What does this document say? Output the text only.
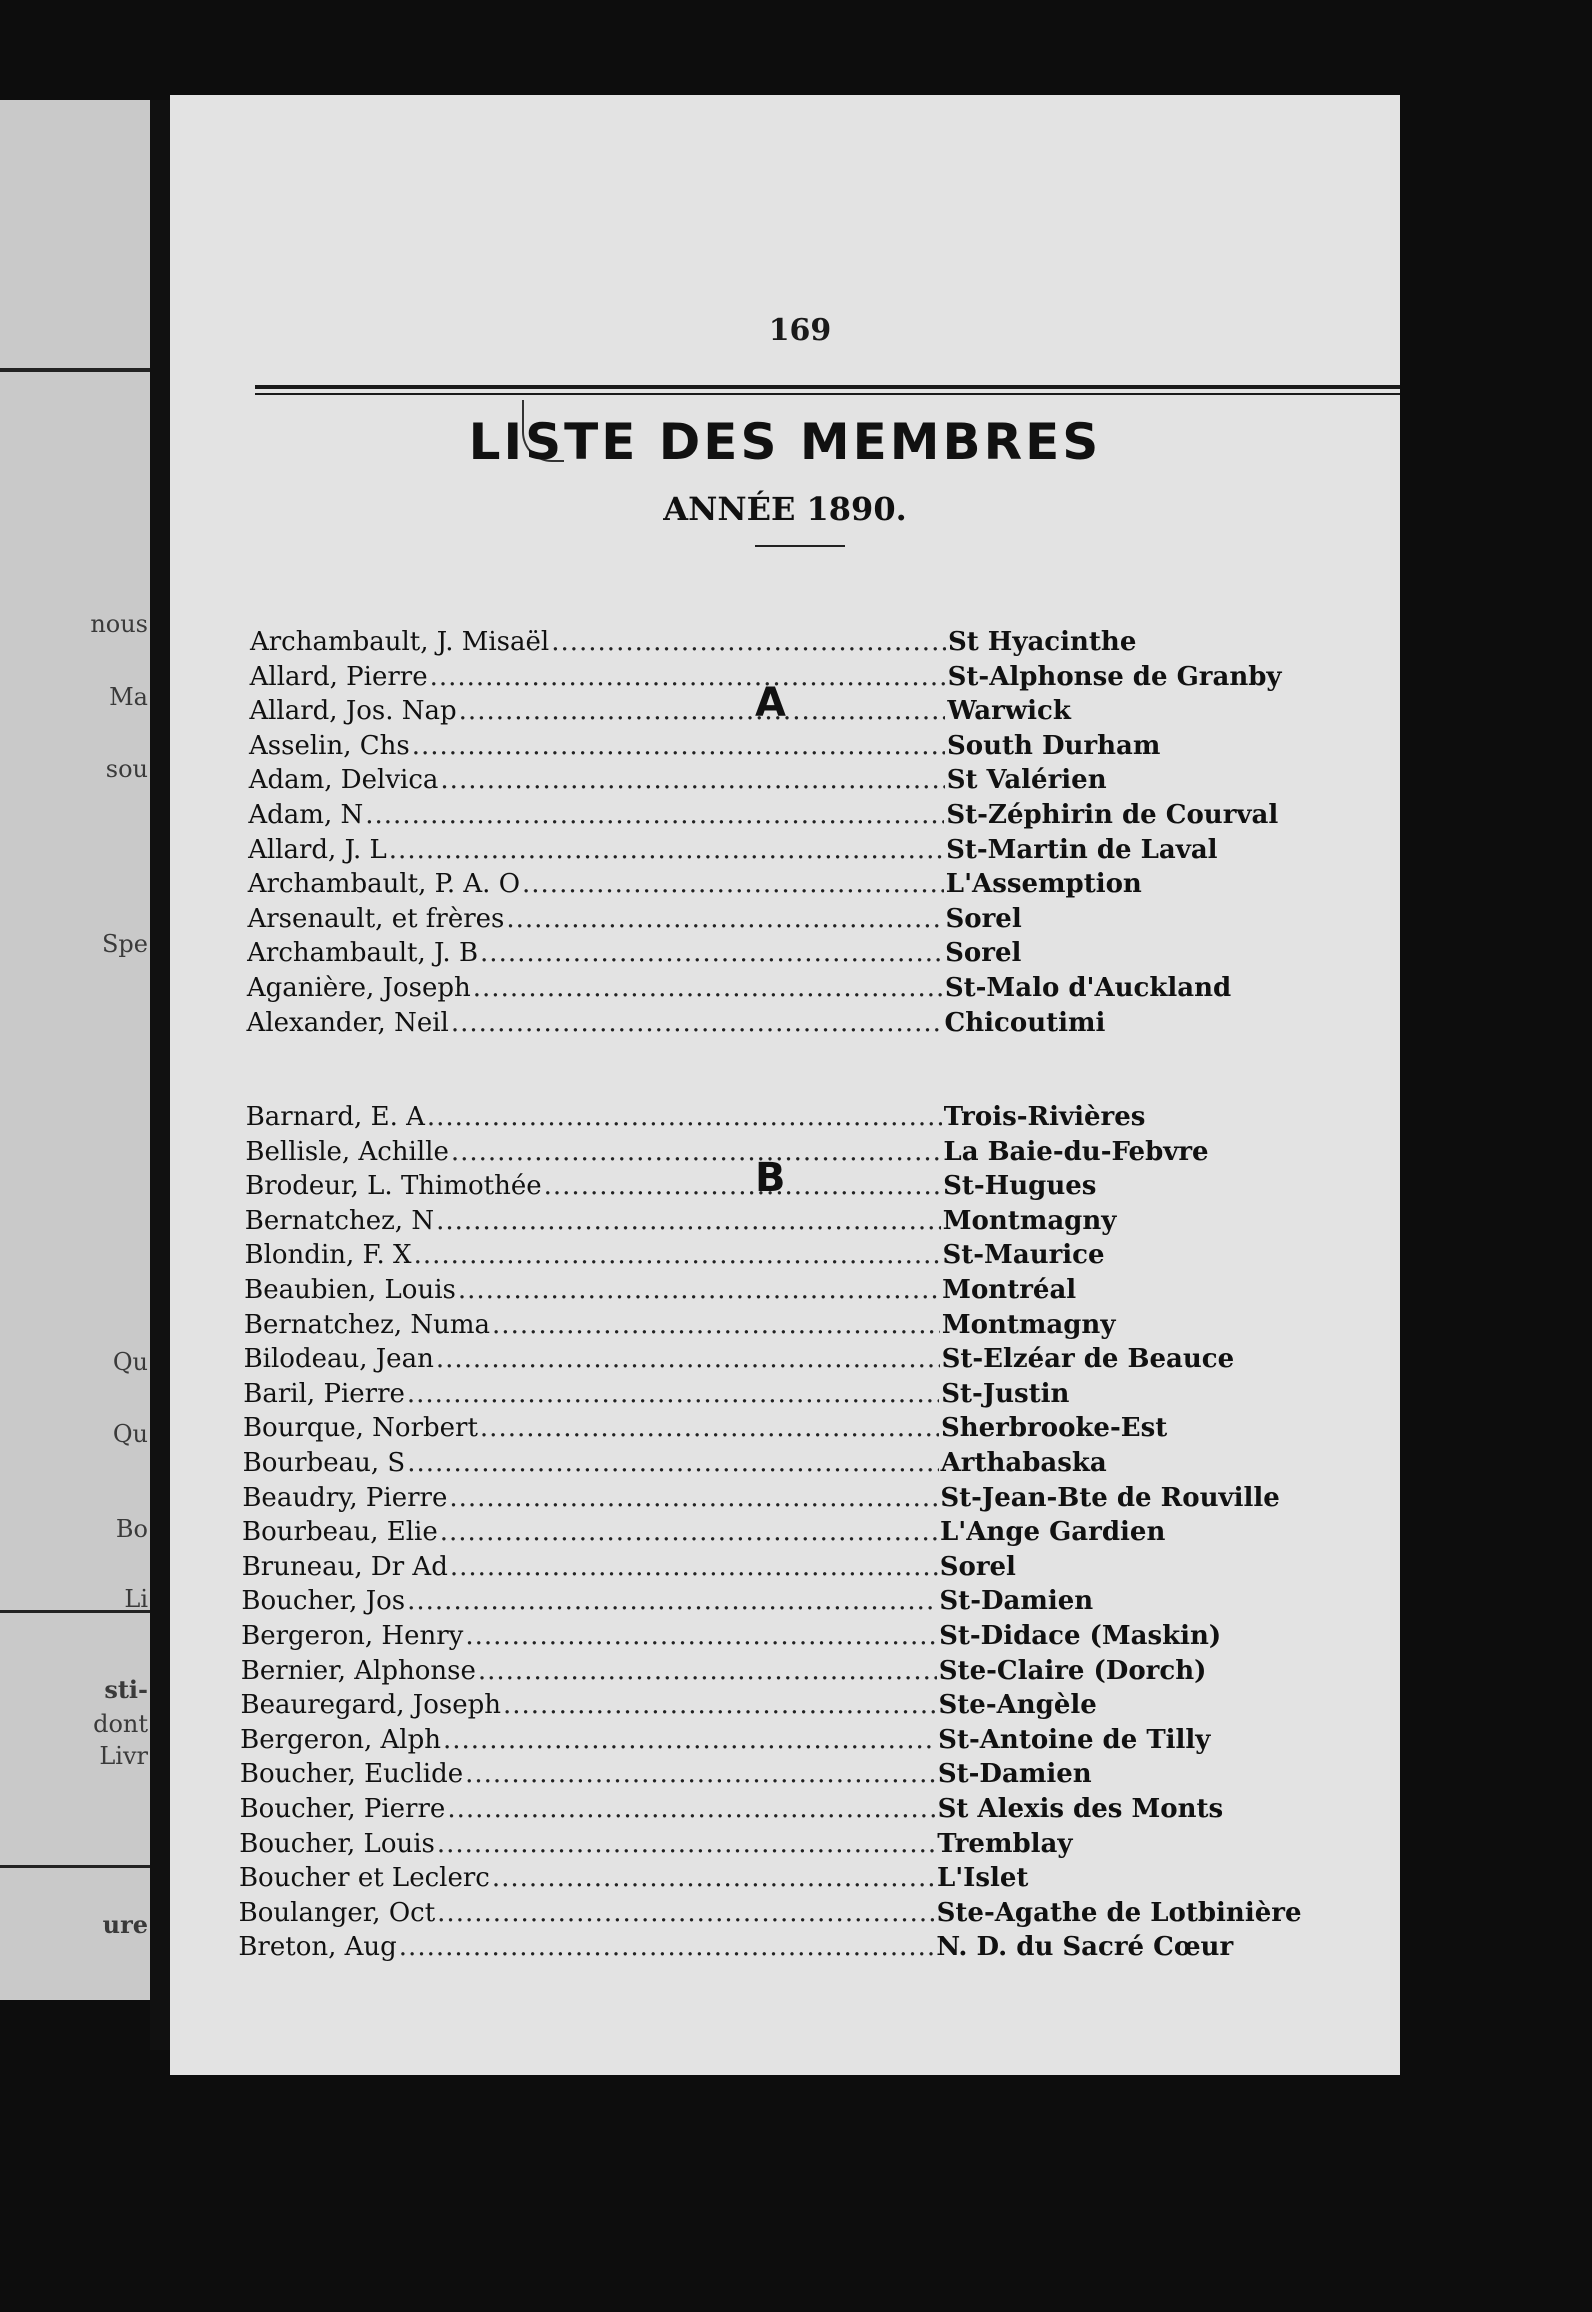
nous
Ma
sou
Spe
Qu
Qu
Bo
Li
sti-
dont
Livr
ure
169
LISTE DES MEMBRES
ANNÉE 1890.
A
Archambault, J. Misaël .....	St Hyacinthe
Allard, Pierre .....	St-Alphonse de Granby
Allard, Jos. Nap .....	Warwick
Asselin, Chs .....	South Durham
Adam, Delvica .....	St Valérien
Adam, N .....	St-Zéphirin de Courval
Allard, J. L .....	St-Martin de Laval
Archambault, P. A. O .....	L'Assemption
Arsenault, et frères .....	Sorel
Archambault, J. B .....	Sorel
Aganière, Joseph .....	St-Malo d'Auckland
Alexander, Neil .....	Chicoutimi
B
Barnard, E. A .....	Trois-Rivières
Bellisle, Achille .....	La Baie-du-Febvre
Brodeur, L. Thimothée .....	St-Hugues
Bernatchez, N .....	Montmagny
Blondin, F. X .....	St-Maurice
Beaubien, Louis .....	Montréal
Bernatchez, Numa .....	Montmagny
Bilodeau, Jean .....	St-Elzéar de Beauce
Baril, Pierre .....	St-Justin
Bourque, Norbert .....	Sherbrooke-Est
Bourbeau, S .....	Arthabaska
Beaudry, Pierre .....	St-Jean-Bte de Rouville
Bourbeau, Elie .....	L'Ange Gardien
Bruneau, Dr Ad .....	Sorel
Boucher, Jos .....	St-Damien
Bergeron, Henry .....	St-Didace (Maskin)
Bernier, Alphonse .....	Ste-Claire (Dorch)
Beauregard, Joseph .....	Ste-Angèle
Bergeron, Alph .....	St-Antoine de Tilly
Boucher, Euclide .....	St-Damien
Boucher, Pierre .....	St Alexis des Monts
Boucher, Louis .....	Tremblay
Boucher et Leclerc .....	L'Islet
Boulanger, Oct .....	Ste-Agathe de Lotbinière
Breton, Aug .....	N. D. du Sacré Cœur
